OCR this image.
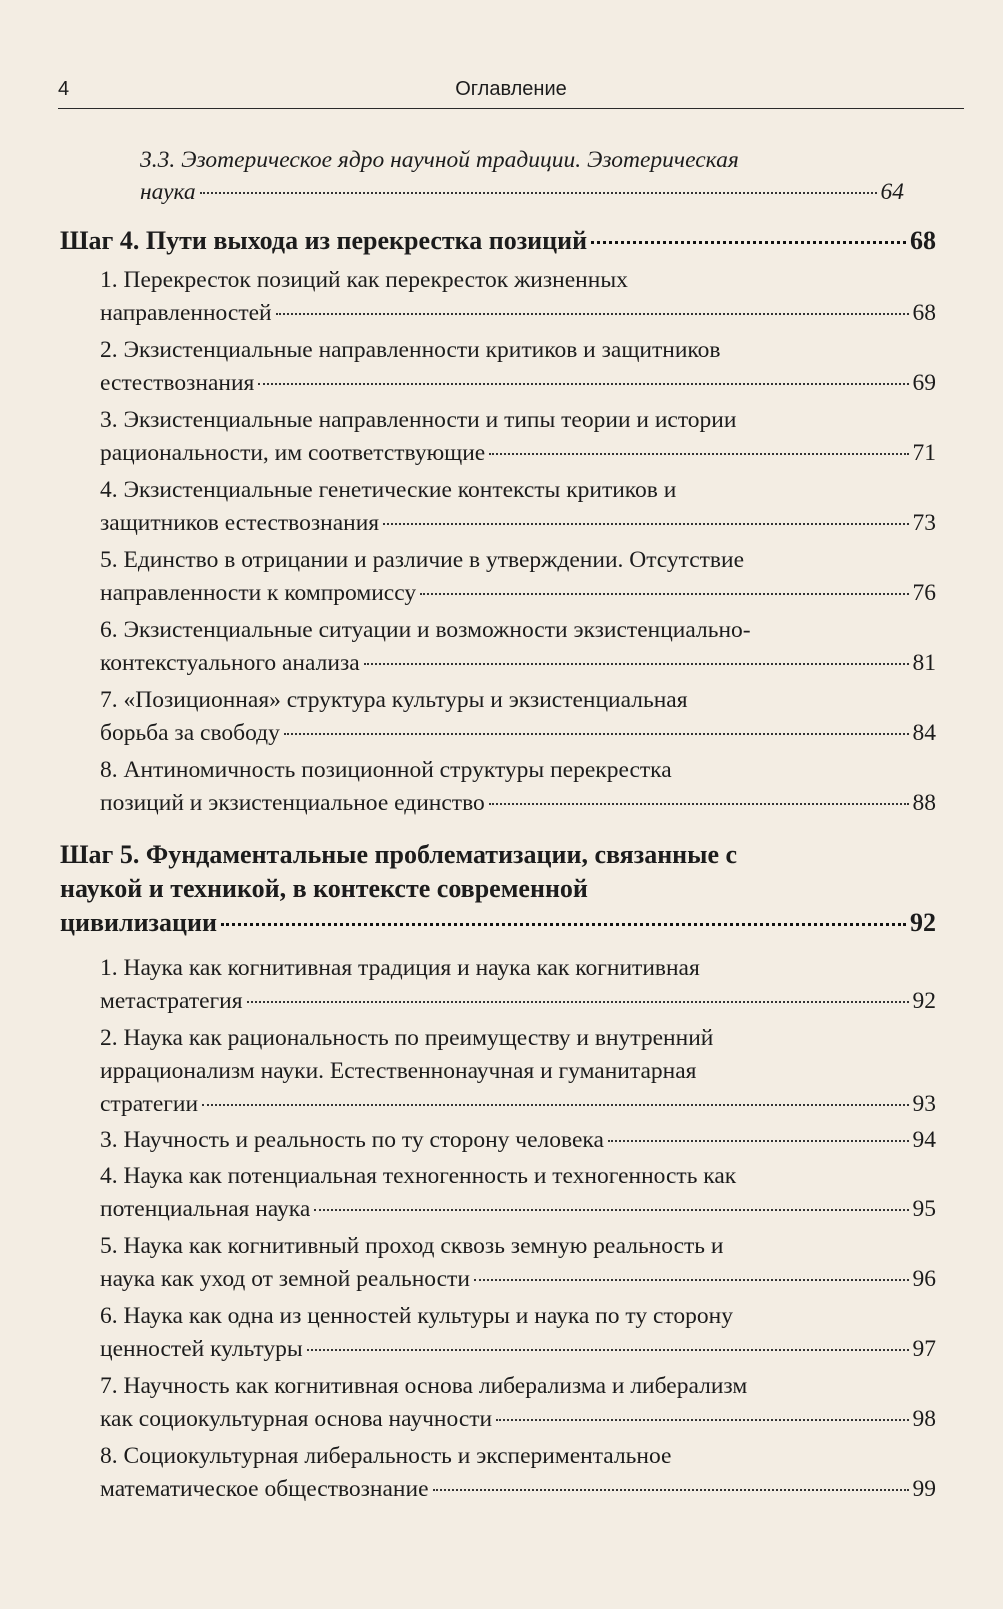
4	Оглавление
3.3. Эзотерическое ядро научной традиции. Эзотерическая
наука	64
Шаг 4. Пути выхода из перекрестка позиций	68
1. Перекресток позиций как перекресток жизненных
направленностей	68
2. Экзистенциальные направленности критиков и защитников
естествознания	69
3. Экзистенциальные направленности и типы теории и истории
рациональности, им соответствующие	71
4. Экзистенциальные генетические контексты критиков и
защитников естествознания	73
5. Единство в отрицании и различие в утверждении. Отсутствие
направленности к компромиссу	76
6. Экзистенциальные ситуации и возможности экзистенциально-
контекстуального анализа	81
7. «Позиционная» структура культуры и экзистенциальная
борьба за свободу	84
8. Антиномичность позиционной структуры перекрестка
позиций и экзистенциальное единство	88
Шаг 5. Фундаментальные проблематизации, связанные с
наукой и техникой, в контексте современной
цивилизации	92
1. Наука как когнитивная традиция и наука как когнитивная
метастратегия	92
2. Наука как рациональность по преимуществу и внутренний
иррационализм науки. Естественнонаучная и гуманитарная
стратегии	93
3. Научность и реальность по ту сторону человека	94
4. Наука как потенциальная техногенность и техногенность как
потенциальная наука	95
5. Наука как когнитивный проход сквозь земную реальность и
наука как уход от земной реальности	96
6. Наука как одна из ценностей культуры и наука по ту сторону
ценностей культуры	97
7. Научность как когнитивная основа либерализма и либерализм
как социокультурная основа научности	98
8. Социокультурная либеральность и экспериментальное
математическое обществознание	99
